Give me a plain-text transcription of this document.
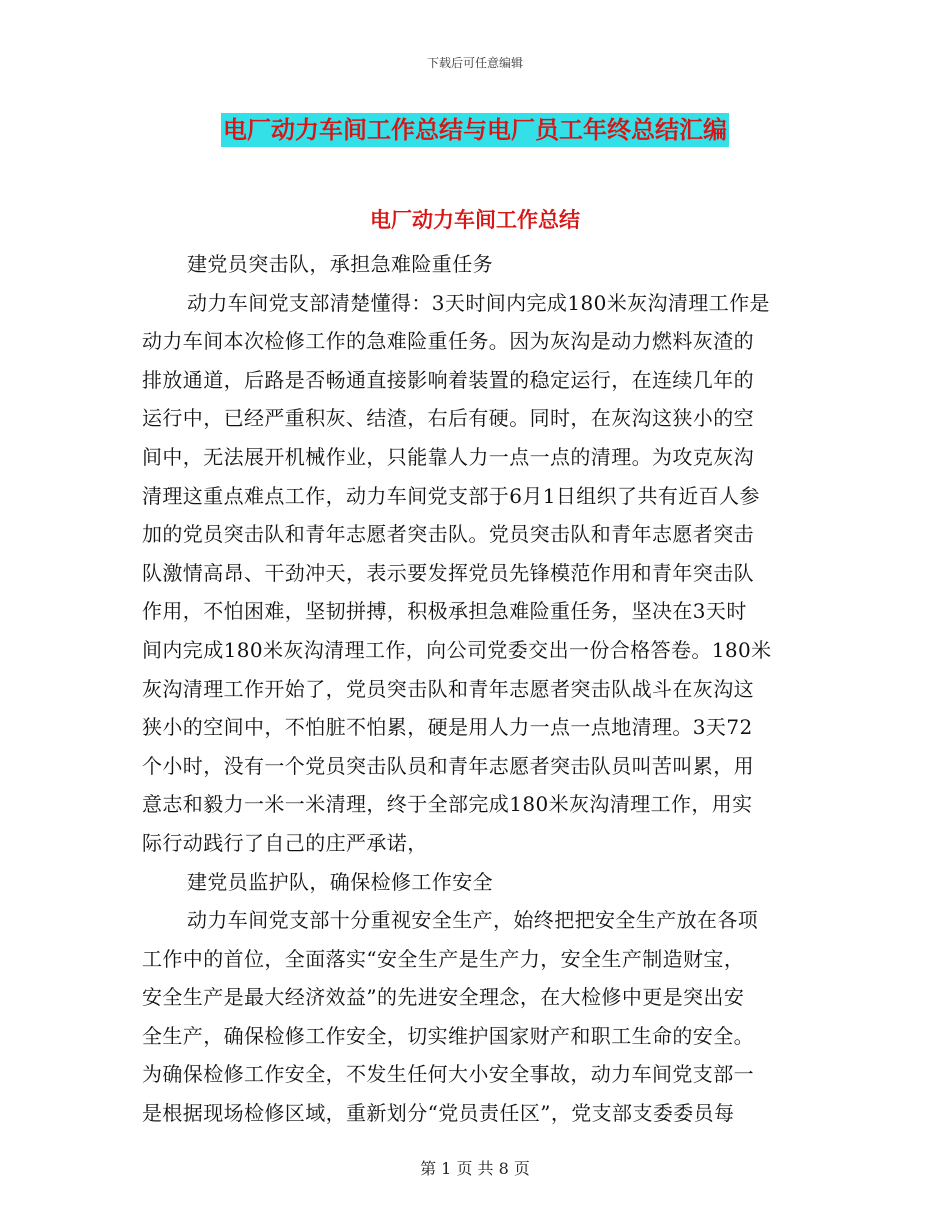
下载后可任意编辑
电厂动力车间工作总结与电厂员工年终总结汇编
电厂动力车间工作总结
建党员突击队，承担急难险重任务
动力车间党支部清楚懂得：3天时间内完成180米灰沟清理工作是
动力车间本次检修工作的急难险重任务。因为灰沟是动力燃料灰渣的
排放通道，后路是否畅通直接影响着装置的稳定运行，在连续几年的
运行中，已经严重积灰、结渣，右后有硬。同时，在灰沟这狭小的空
间中，无法展开机械作业，只能靠人力一点一点的清理。为攻克灰沟
清理这重点难点工作，动力车间党支部于6月1日组织了共有近百人参
加的党员突击队和青年志愿者突击队。党员突击队和青年志愿者突击
队激情高昂、干劲冲天，表示要发挥党员先锋模范作用和青年突击队
作用，不怕困难，坚韧拼搏，积极承担急难险重任务，坚决在3天时
间内完成180米灰沟清理工作，向公司党委交出一份合格答卷。180米
灰沟清理工作开始了，党员突击队和青年志愿者突击队战斗在灰沟这
狭小的空间中，不怕脏不怕累，硬是用人力一点一点地清理。3天72
个小时，没有一个党员突击队员和青年志愿者突击队员叫苦叫累，用
意志和毅力一米一米清理，终于全部完成180米灰沟清理工作，用实
际行动践行了自己的庄严承诺，
建党员监护队，确保检修工作安全
动力车间党支部十分重视安全生产，始终把把安全生产放在各项
工作中的首位，全面落实“安全生产是生产力，安全生产制造财宝，
安全生产是最大经济效益”的先进安全理念，在大检修中更是突出安
全生产，确保检修工作安全，切实维护国家财产和职工生命的安全。
为确保检修工作安全，不发生任何大小安全事故，动力车间党支部一
是根据现场检修区域，重新划分“党员责任区”，党支部支委委员每
第 1 页 共 8 页
